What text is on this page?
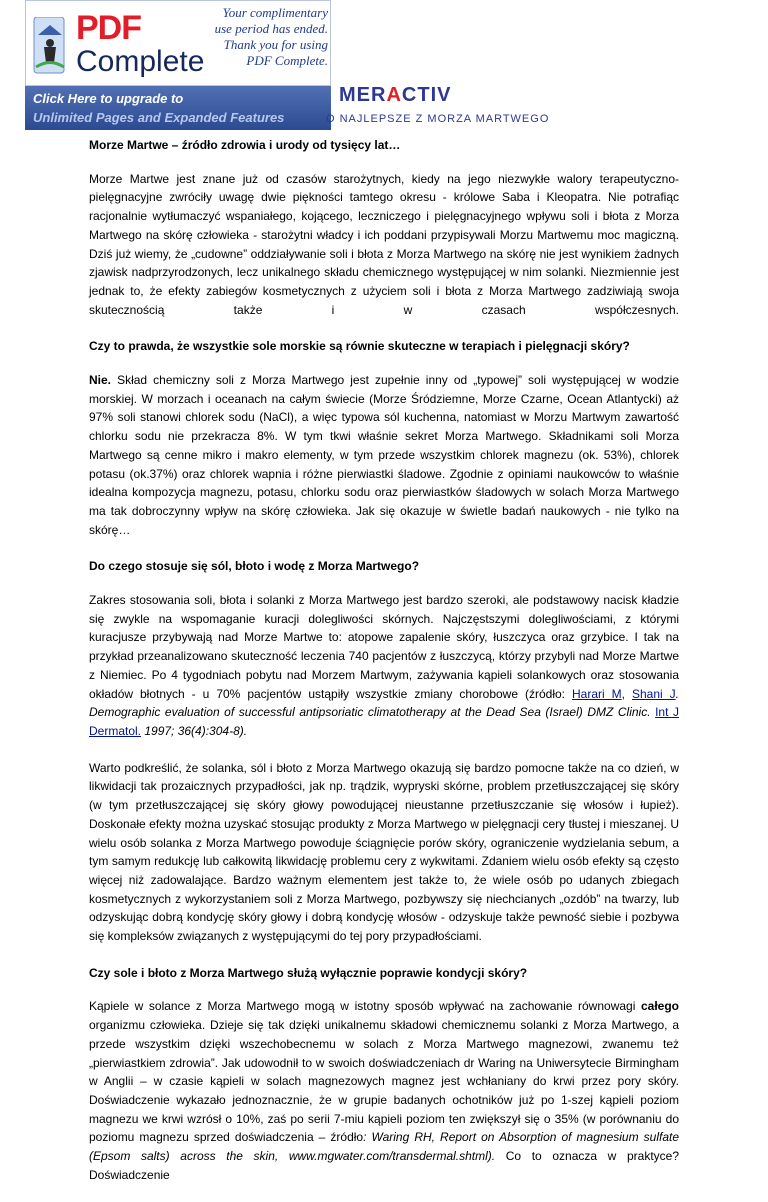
PDF
Complete
Your complimentary
use period has ended.
Thank you for using
PDF Complete.
Click Here to upgrade to
Unlimited Pages and Expanded Features
MERACTIV
O NAJLEPSZE Z MORZA MARTWEGO

Morze Martwe – źródło zdrowia i urody od tysięcy lat…

Morze Martwe jest znane już od czasów starożytnych, kiedy na jego niezwykłe walory terapeutyczno-pielęgnacyjne zwróciły uwagę dwie piękności tamtego okresu - królowe Saba i Kleopatra. Nie potrafiąc racjonalnie wytłumaczyć wspaniałego, kojącego, leczniczego i pielęgnacyjnego wpływu soli i błota z Morza Martwego na skórę człowieka - starożytni władcy i ich poddani przypisywali Morzu Martwemu moc magiczną. Dziś już wiemy, że „cudowne” oddziaływanie soli i błota z Morza Martwego na skórę nie jest wynikiem żadnych zjawisk nadprzyrodzonych, lecz unikalnego składu chemicznego występującej w nim solanki. Niezmiennie jest jednak to, że efekty zabiegów kosmetycznych z użyciem soli i błota z Morza Martwego zadziwiają swoja skutecznością także i w czasach współczesnych.

Czy to prawda, że wszystkie sole morskie są równie skuteczne w terapiach i pielęgnacji skóry?

Nie. Skład chemiczny soli z Morza Martwego jest zupełnie inny od „typowej” soli występującej w wodzie morskiej. W morzach i oceanach na całym świecie (Morze Śródziemne, Morze Czarne, Ocean Atlantycki) aż 97% soli stanowi chlorek sodu (NaCl), a więc typowa sól kuchenna, natomiast w Morzu Martwym zawartość chlorku sodu nie przekracza 8%. W tym tkwi właśnie sekret Morza Martwego. Składnikami soli Morza Martwego są cenne mikro i makro elementy, w tym przede wszystkim chlorek magnezu (ok. 53%), chlorek potasu (ok.37%) oraz chlorek wapnia i różne pierwiastki śladowe. Zgodnie z opiniami naukowców to właśnie idealna kompozycja magnezu, potasu, chlorku sodu oraz pierwiastków śladowych w solach Morza Martwego ma tak dobroczynny wpływ na skórę człowieka. Jak się okazuje w świetle badań naukowych - nie tylko na skórę…

Do czego stosuje się sól, błoto i wodę z Morza Martwego?

Zakres stosowania soli, błota i solanki z Morza Martwego jest bardzo szeroki, ale podstawowy nacisk kładzie się zwykle na wspomaganie kuracji dolegliwości skórnych. Najczęstszymi dolegliwościami, z którymi kuracjusze przybywają nad Morze Martwe to: atopowe zapalenie skóry, łuszczyca oraz grzybice. I tak na przykład przeanalizowano skuteczność leczenia 740 pacjentów z łuszczycą, którzy przybyli nad Morze Martwe z Niemiec. Po 4 tygodniach pobytu nad Morzem Martwym, zażywania kąpieli solankowych oraz stosowania okładów błotnych - u 70% pacjentów ustąpiły wszystkie zmiany chorobowe (źródło: Harari M, Shani J. Demographic evaluation of successful antipsoriatic climatotherapy at the Dead Sea (Israel) DMZ Clinic. Int J Dermatol. 1997; 36(4):304-8).

Warto podkreślić, że solanka, sól i błoto z Morza Martwego okazują się bardzo pomocne także na co dzień, w likwidacji tak prozaicznych przypadłości, jak np. trądzik, wypryski skórne, problem przetłuszczającej się skóry (w tym przetłuszczającej się skóry głowy powodującej nieustanne przetłuszczanie się włosów i łupież). Doskonałe efekty można uzyskać stosując produkty z Morza Martwego w pielęgnacji cery tłustej i mieszanej. U wielu osób solanka z Morza Martwego powoduje ściągnięcie porów skóry, ograniczenie wydzielania sebum, a tym samym redukcję lub całkowitą likwidację problemu cery z wykwitami. Zdaniem wielu osób efekty są często więcej niż zadowalające. Bardzo ważnym elementem jest także to, że wiele osób po udanych zbiegach kosmetycznych z wykorzystaniem soli z Morza Martwego, pozbywszy się niechcianych „ozdób” na twarzy, lub odzyskując dobrą kondycję skóry głowy i dobrą kondycję włosów - odzyskuje także pewność siebie i pozbywa się kompleksów związanych z występującymi do tej pory przypadłościami.

Czy sole i błoto z Morza Martwego służą wyłącznie poprawie kondycji skóry?

Kąpiele w solance z Morza Martwego mogą w istotny sposób wpływać na zachowanie równowagi całego organizmu człowieka. Dzieje się tak dzięki unikalnemu składowi chemicznemu solanki z Morza Martwego, a przede wszystkim dzięki wszechobecnemu w solach z Morza Martwego magnezowi, zwanemu też „pierwiastkiem zdrowia”. Jak udowodnił to w swoich doświadczeniach dr Waring na Uniwersytecie Birmingham w Anglii – w czasie kąpieli w solach magnezowych magnez jest wchłaniany do krwi przez pory skóry. Doświadczenie wykazało jednoznacznie, że w grupie badanych ochotników już po 1-szej kąpieli poziom magnezu we krwi wzrósł o 10%, zaś po serii 7-miu kąpieli poziom ten zwiększył się o 35% (w porównaniu do poziomu magnezu sprzed doświadczenia – źródło: Waring RH, Report on Absorption of magnesium sulfate (Epsom salts) across the skin, www.mgwater.com/transdermal.shtml). Co to oznacza w praktyce? Doświadczenie
